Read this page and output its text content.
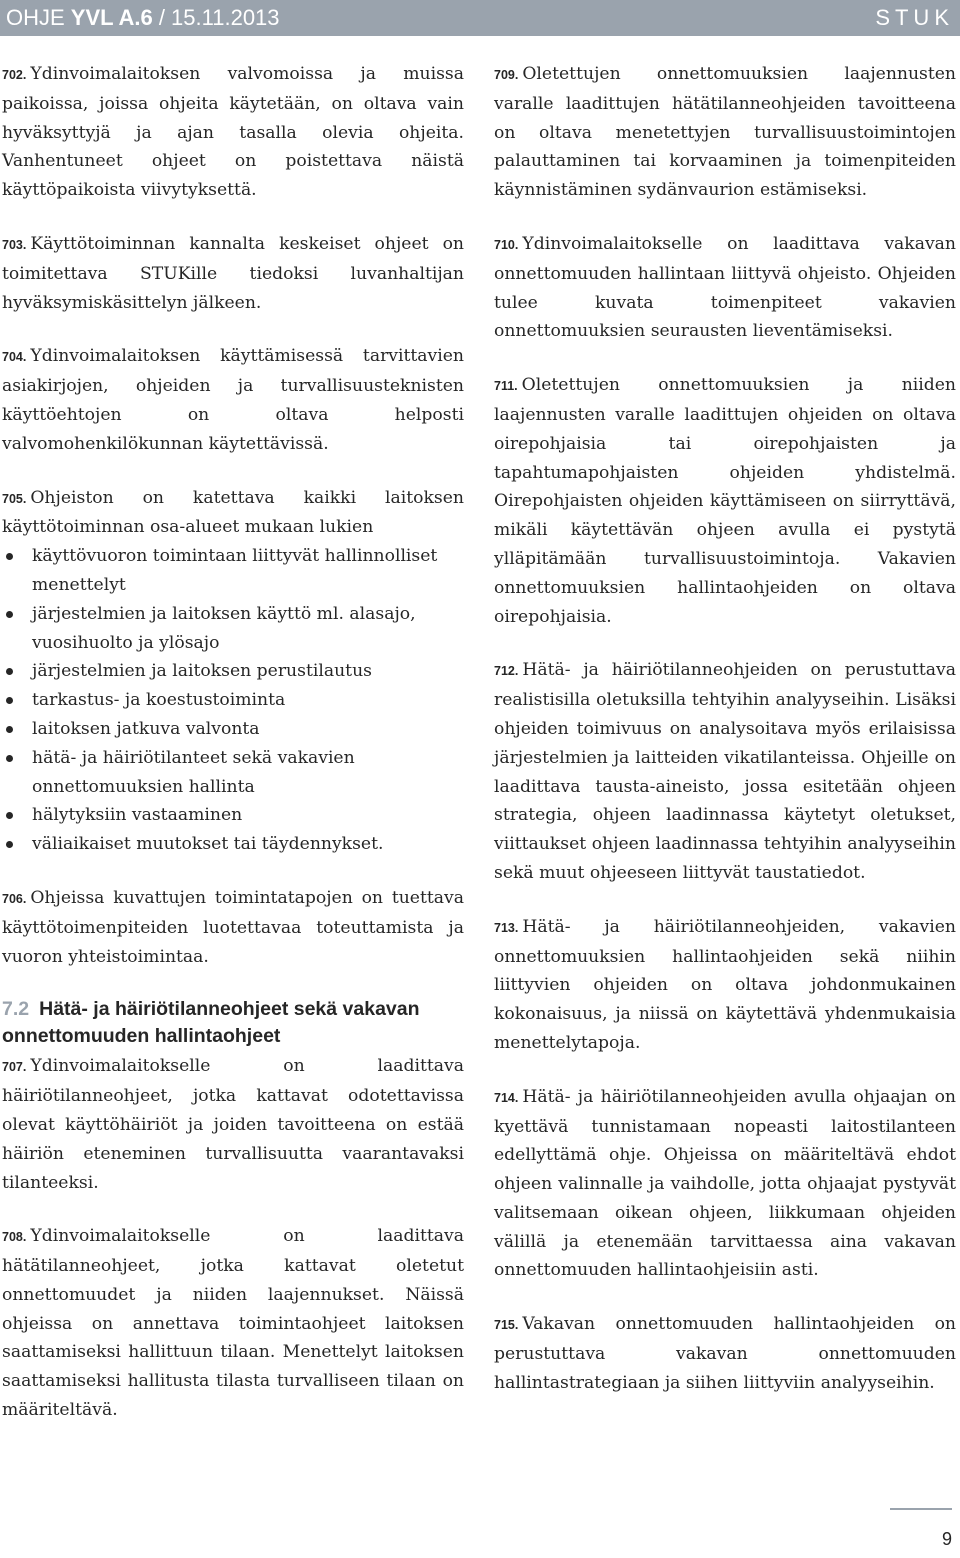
OHJE YVL A.6 / 15.11.2013	STUK

702. Ydinvoimalaitoksen valvomoissa ja muissa paikoissa, joissa ohjeita käytetään, on oltava vain hyväksyttyjä ja ajan tasalla olevia ohjeita. Vanhentuneet ohjeet on poistettava näistä käyttöpaikoista viivytyksettä.

703. Käyttötoiminnan kannalta keskeiset ohjeet on toimitettava STUKille tiedoksi luvanhaltijan hyväksymiskäsittelyn jälkeen.

704. Ydinvoimalaitoksen käyttämisessä tarvittavien asiakirjojen, ohjeiden ja turvallisuusteknisten käyttöehtojen on oltava helposti valvomohenkilökunnan käytettävissä.

705. Ohjeiston on katettava kaikki laitoksen käyttötoiminnan osa-alueet mukaan lukien

käyttövuoron toimintaan liittyvät hallinnolliset menettelyt
järjestelmien ja laitoksen käyttö ml. alasajo, vuosihuolto ja ylösajo
järjestelmien ja laitoksen perustilautus
tarkastus- ja koestustoiminta
laitoksen jatkuva valvonta
hätä- ja häiriötilanteet sekä vakavien onnettomuuksien hallinta
hälytyksiin vastaaminen
väliaikaiset muutokset tai täydennykset.

706. Ohjeissa kuvattujen toimintatapojen on tuettava käyttötoimenpiteiden luotettavaa toteuttamista ja vuoron yhteistoimintaa.

7.2 Hätä- ja häiriötilanneohjeet sekä vakavan onnettomuuden hallintaohjeet

707. Ydinvoimalaitokselle on laadittava häiriötilanneohjeet, jotka kattavat odotettavissa olevat käyttöhäiriöt ja joiden tavoitteena on estää häiriön eteneminen turvallisuutta vaarantavaksi tilanteeksi.

708. Ydinvoimalaitokselle on laadittava hätätilanneohjeet, jotka kattavat oletetut onnettomuudet ja niiden laajennukset. Näissä ohjeissa on annettava toimintaohjeet laitoksen saattamiseksi hallittuun tilaan. Menettelyt laitoksen saattamiseksi hallitusta tilasta turvalliseen tilaan on määriteltävä.

709. Oletettujen onnettomuuksien laajennusten varalle laadittujen hätätilanneohjeiden tavoitteena on oltava menetettyjen turvallisuustoimintojen palauttaminen tai korvaaminen ja toimenpiteiden käynnistäminen sydänvaurion estämiseksi.

710. Ydinvoimalaitokselle on laadittava vakavan onnettomuuden hallintaan liittyvä ohjeisto. Ohjeiden tulee kuvata toimenpiteet vakavien onnettomuuksien seurausten lieventämiseksi.

711. Oletettujen onnettomuuksien ja niiden laajennusten varalle laadittujen ohjeiden on oltava oirepohjaisia tai oirepohjaisten ja tapahtumapohjaisten ohjeiden yhdistelmä. Oirepohjaisten ohjeiden käyttämiseen on siirryttävä, mikäli käytettävän ohjeen avulla ei pystytä ylläpitämään turvallisuustoimintoja. Vakavien onnettomuuksien hallintaohjeiden on oltava oirepohjaisia.

712. Hätä- ja häiriötilanneohjeiden on perustuttava realistisilla oletuksilla tehtyihin analyyseihin. Lisäksi ohjeiden toimivuus on analysoitava myös erilaisissa järjestelmien ja laitteiden vikatilanteissa. Ohjeille on laadittava tausta-aineisto, jossa esitetään ohjeen strategia, ohjeen laadinnassa käytetyt oletukset, viittaukset ohjeen laadinnassa tehtyihin analyyseihin sekä muut ohjeeseen liittyvät taustatiedot.

713. Hätä- ja häiriötilanneohjeiden, vakavien onnettomuuksien hallintaohjeiden sekä niihin liittyvien ohjeiden on oltava johdonmukainen kokonaisuus, ja niissä on käytettävä yhdenmukaisia menettelytapoja.

714. Hätä- ja häiriötilanneohjeiden avulla ohjaajan on kyettävä tunnistamaan nopeasti laitostilanteen edellyttämä ohje. Ohjeissa on määriteltävä ehdot ohjeen valinnalle ja vaihdolle, jotta ohjaajat pystyvät valitsemaan oikean ohjeen, liikkumaan ohjeiden välillä ja etenemään tarvittaessa aina vakavan onnettomuuden hallintaohjeisiin asti.

715. Vakavan onnettomuuden hallintaohjeiden on perustuttava vakavan onnettomuuden hallintastrategiaan ja siihen liittyviin analyyseihin.

9
